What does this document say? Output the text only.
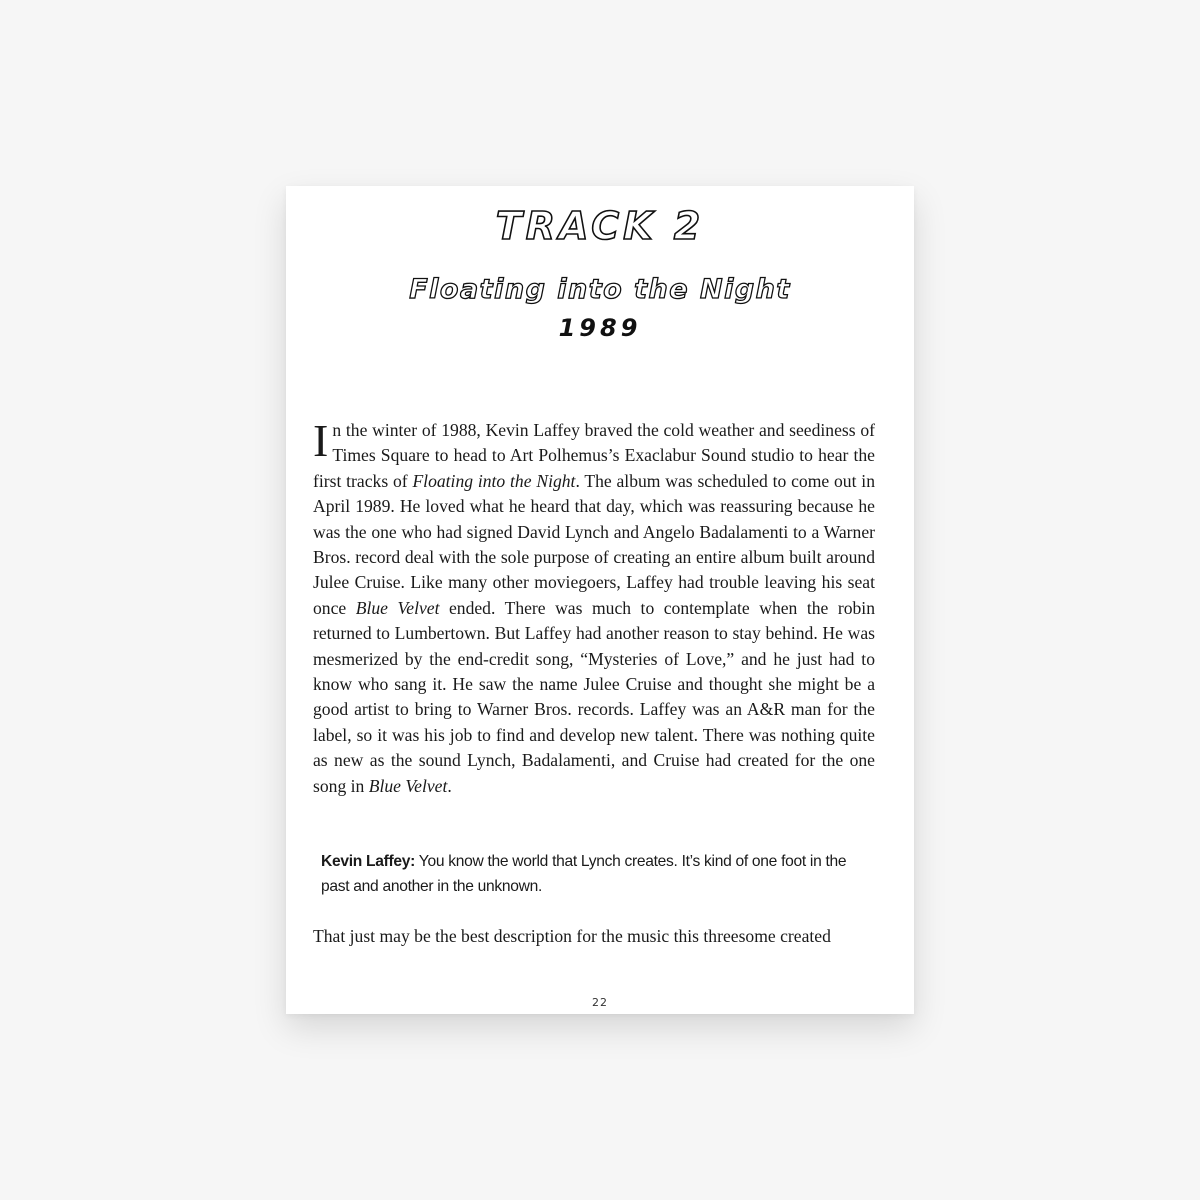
TRACK 2
Floating into the Night
1989

In the winter of 1988, Kevin Laffey braved the cold weather and seediness of Times Square to head to Art Polhemus’s Exaclabur Sound studio to hear the first tracks of Floating into the Night. The album was scheduled to come out in April 1989. He loved what he heard that day, which was reassuring because he was the one who had signed David Lynch and Angelo Badalamenti to a Warner Bros. record deal with the sole purpose of creating an entire album built around Julee Cruise. Like many other moviegoers, Laffey had trouble leaving his seat once Blue Velvet ended. There was much to contemplate when the robin returned to Lumbertown. But Laffey had another reason to stay behind. He was mesmerized by the end-credit song, “Mysteries of Love,” and he just had to know who sang it. He saw the name Julee Cruise and thought she might be a good artist to bring to Warner Bros. records. Laffey was an A&R man for the label, so it was his job to find and develop new talent. There was nothing quite as new as the sound Lynch, Badalamenti, and Cruise had created for the one song in Blue Velvet.

Kevin Laffey: You know the world that Lynch creates. It’s kind of one foot in the past and another in the unknown.

That just may be the best description for the music this threesome created

22
